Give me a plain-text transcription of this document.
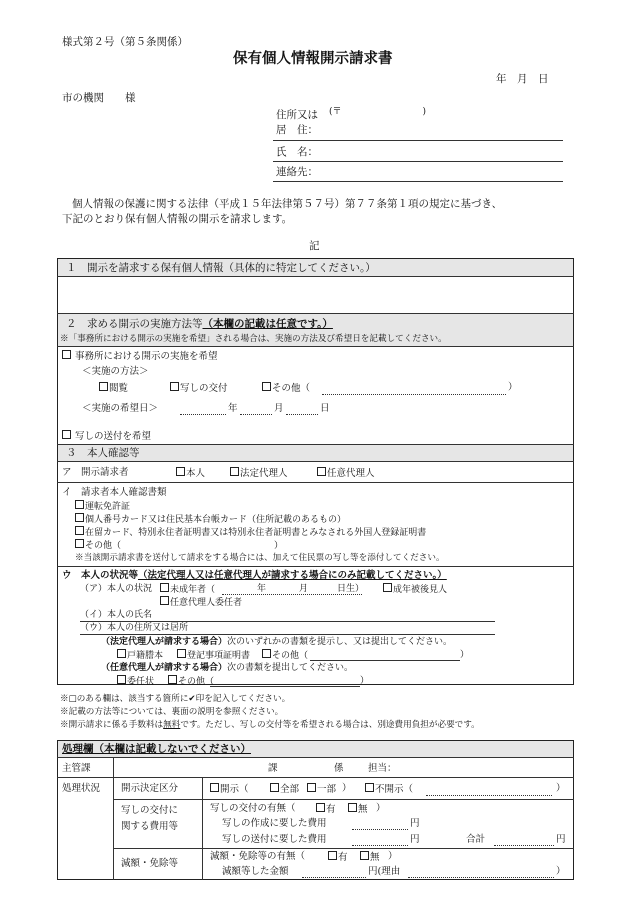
様式第２号（第５条関係）
保有個人情報開示請求書
年　月　日
市の機関　　様
住所又は (〒　　　　　　　　　)
居　住：
氏　名：
連絡先：
個人情報の保護に関する法律（平成１５年法律第５７号）第７７条第１項の規定に基づき、
下記のとおり保有個人情報の開示を請求します。
記
１　開示を請求する保有個人情報（具体的に特定してください。）
２　求める開示の実施方法等（本欄の記載は任意です。）
※「事務所における開示の実施を希望」される場合は、実施の方法及び希望日を記載してください。
事務所における開示の実施を希望
＜実施の方法＞
閲覧	写しの交付	その他（	）
＜実施の希望日＞	年	月	日
写しの送付を希望
３　本人確認等
ア　開示請求者	本人	法定代理人	任意代理人
イ　請求者本人確認書類
運転免許証
個人番号カード又は住民基本台帳カード（住所記載のあるもの）
在留カード、特別永住者証明書又は特別永住者証明書とみなされる外国人登録証明書
その他（　　　　　　　　　　　　　　　　　）
※当該開示請求書を送付して請求をする場合には、加えて住民票の写し等を添付してください。
ウ　本人の状況等（法定代理人又は任意代理人が請求する場合にのみ記載してください。）
（ア）本人の状況	未成年者（	年	月	日生）	成年被後見人
任意代理人委任者
（イ）本人の氏名
（ウ）本人の住所又は居所
（法定代理人が請求する場合）次のいずれかの書類を提示し、又は提出してください。
戸籍謄本	登記事項証明書	その他（	）
（任意代理人が請求する場合）次の書類を提出してください。
委任状	その他（	）
※□のある欄は、該当する箇所に✔印を記入してください。
※記載の方法等については、裏面の説明を参照ください。
※開示請求に係る手数料は無料です。ただし、写しの交付等を希望される場合は、別途費用負担が必要です。
処理欄（本欄は記載しないでください）
主管課	課	係	担当：
処理状況 開示決定区分	開示（	全部	一部 ）	不開示（	）
写しの交付に
関する費用等
写しの交付の有無（	有	無 ）
写しの作成に要した費用	円
写しの送付に要した費用	円	合計	円
減額・免除等
減額・免除等の有無（	有	無 ）
減額等した金額	円(理由	）
